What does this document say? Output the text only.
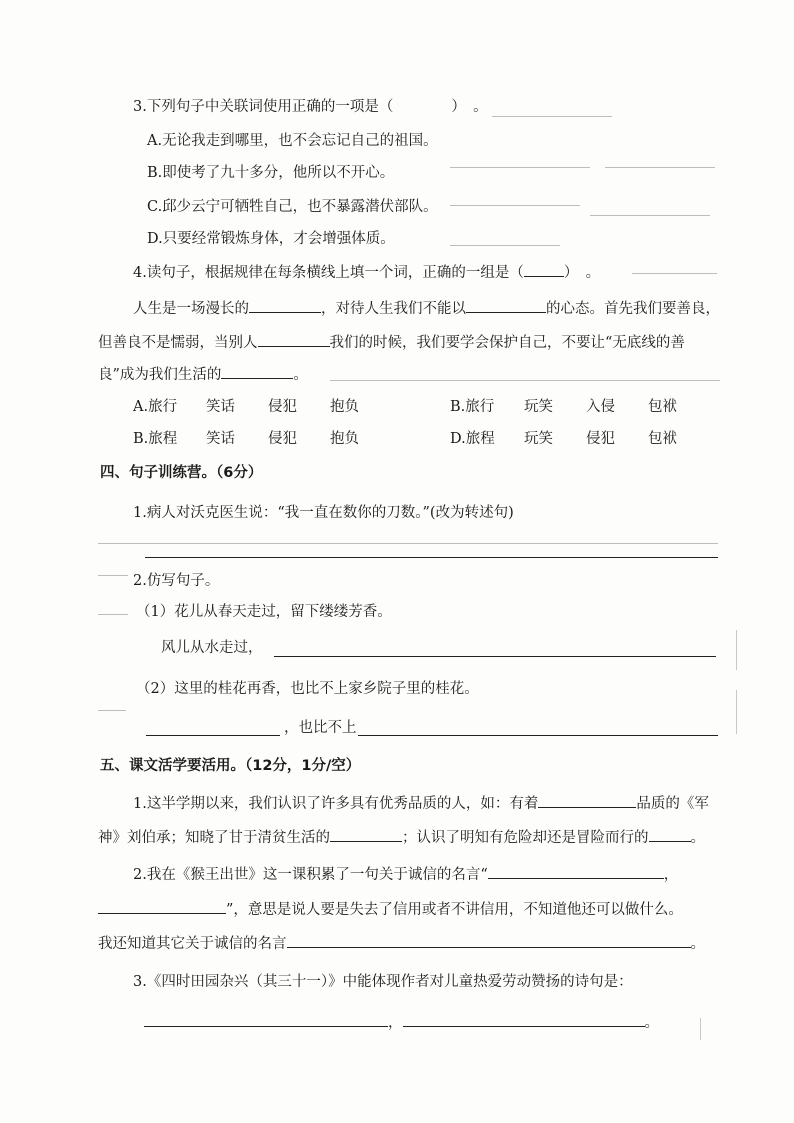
3.下列句子中关联词使用正确的一项是（　　　　）　。
A.无论我走到哪里，也不会忘记自己的祖国。
B.即使考了九十多分，他所以不开心。
C.邱少云宁可牺牲自己，也不暴露潜伏部队。
D.只要经常锻炼身体，才会增强体质。
4.读句子，根据规律在每条横线上填一个词，正确的一组是（	）　。
人生是一场漫长的	，对待人生我们不能以	的心态。首先我们要善良，
但善良不是懦弱，当别人	我们的时候，我们要学会保护自己，不要让“无底线的善
良”成为我们生活的	。
A.旅行 笑话 侵犯 抱负	B.旅行 玩笑 入侵 包袱
B.旅程 笑话 侵犯 抱负	D.旅程 玩笑 侵犯 包袱
四、句子训练营。（6分）
1.病人对沃克医生说：“我一直在数你的刀数。”(改为转述句)
2.仿写句子。
（1）花儿从春天走过，留下缕缕芳香。
风儿从水走过，
（2）这里的桂花再香，也比不上家乡院子里的桂花。
，也比不上
五、课文活学要活用。（12分，1分/空）
1.这半学期以来，我们认识了许多具有优秀品质的人，如：有着	品质的《军
神》刘伯承；知晓了甘于清贫生活的	；认识了明知有危险却还是冒险而行的	。
2.我在《猴王出世》这一课积累了一句关于诚信的名言“	，
”，意思是说人要是失去了信用或者不讲信用，不知道他还可以做什么。
我还知道其它关于诚信的名言	。
3.《四时田园杂兴（其三十一）》中能体现作者对儿童热爱劳动赞扬的诗句是：
，	。
